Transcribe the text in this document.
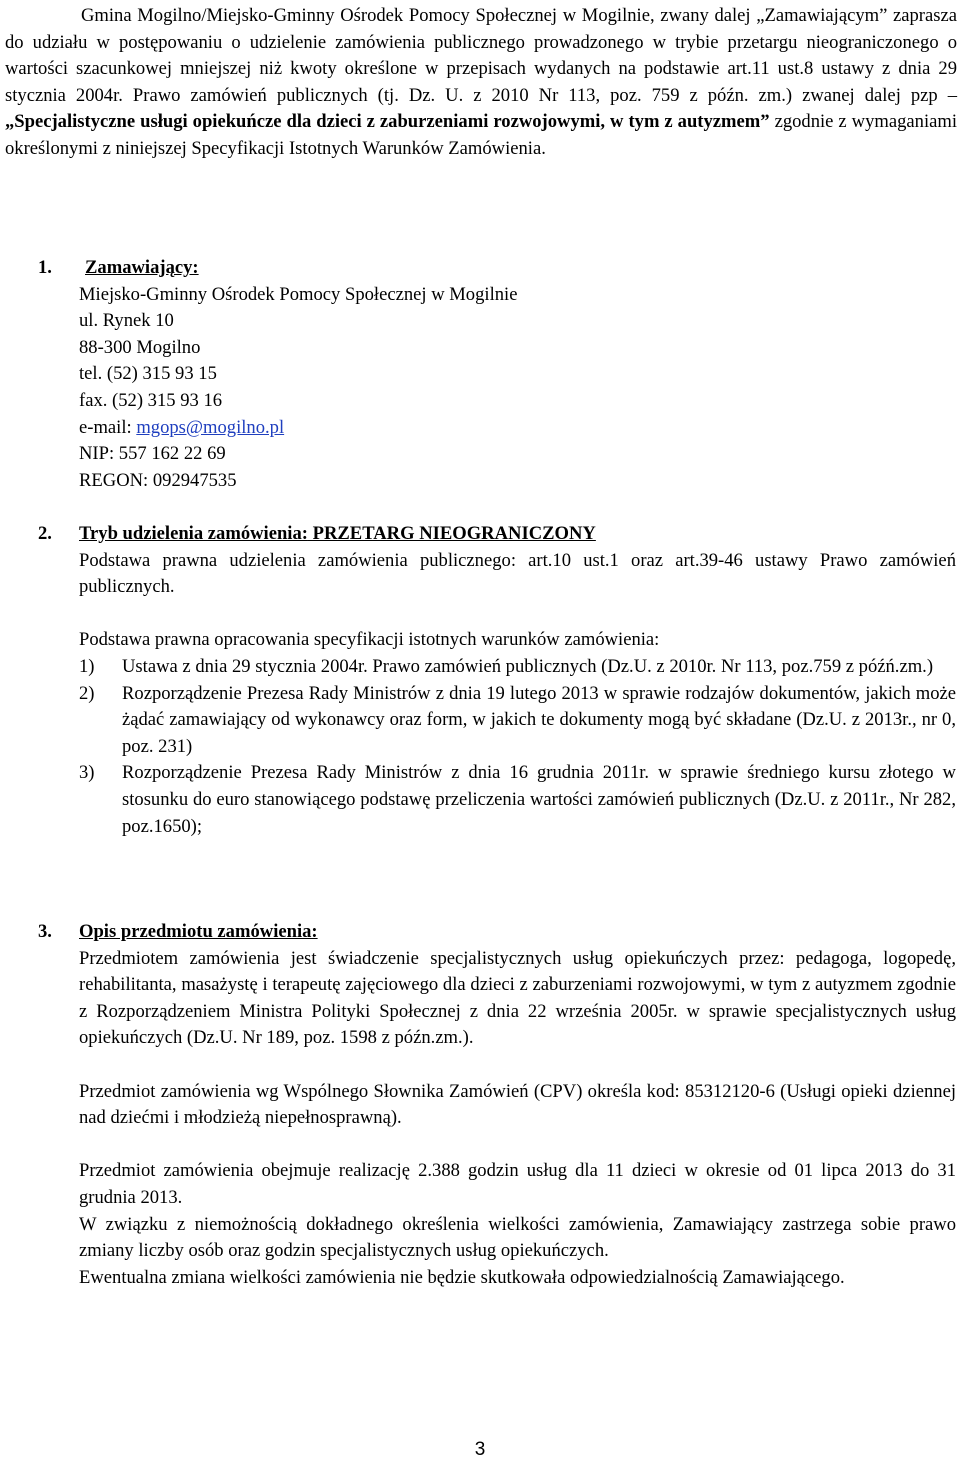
Gmina Mogilno/Miejsko-Gminny Ośrodek Pomocy Społecznej w Mogilnie, zwany dalej „Zamawiającym” zaprasza do udziału w postępowaniu o udzielenie zamówienia publicznego prowadzonego w trybie przetargu nieograniczonego o wartości szacunkowej mniejszej niż kwoty określone w przepisach wydanych na podstawie art.11 ust.8 ustawy z dnia 29 stycznia 2004r. Prawo zamówień publicznych (tj. Dz. U. z 2010 Nr 113, poz. 759 z późn. zm.) zwanej dalej pzp – „Specjalistyczne usługi opiekuńcze dla dzieci z zaburzeniami rozwojowymi, w tym z autyzmem” zgodnie z wymaganiami określonymi z niniejszej Specyfikacji Istotnych Warunków Zamówienia.
1. Zamawiający:
Miejsko-Gminny Ośrodek Pomocy Społecznej w Mogilnie
ul. Rynek 10
88-300 Mogilno
tel. (52) 315 93 15
fax. (52) 315 93 16
e-mail: mgops@mogilno.pl
NIP: 557 162 22 69
REGON: 092947535
2. Tryb udzielenia zamówienia: PRZETARG NIEOGRANICZONY
Podstawa prawna udzielenia zamówienia publicznego: art.10 ust.1 oraz art.39-46 ustawy Prawo zamówień publicznych.
Podstawa prawna opracowania specyfikacji istotnych warunków zamówienia:
1) Ustawa z dnia 29 stycznia 2004r. Prawo zamówień publicznych (Dz.U. z 2010r. Nr 113, poz.759 z późń.zm.)
2) Rozporządzenie Prezesa Rady Ministrów z dnia 19 lutego 2013 w sprawie rodzajów dokumentów, jakich może żądać zamawiający od wykonawcy oraz form, w jakich te dokumenty mogą być składane (Dz.U. z 2013r., nr 0, poz. 231)
3) Rozporządzenie Prezesa Rady Ministrów z dnia 16 grudnia 2011r. w sprawie średniego kursu złotego w stosunku do euro stanowiącego podstawę przeliczenia wartości zamówień publicznych (Dz.U. z 2011r., Nr 282, poz.1650);
3. Opis przedmiotu zamówienia:
Przedmiotem zamówienia jest świadczenie specjalistycznych usług opiekuńczych przez: pedagoga, logopedę, rehabilitanta, masażystę i terapeutę zajęciowego dla dzieci z zaburzeniami rozwojowymi, w tym z autyzmem zgodnie z Rozporządzeniem Ministra Polityki Społecznej z dnia 22 września 2005r. w sprawie specjalistycznych usług opiekuńczych (Dz.U. Nr 189, poz. 1598 z późn.zm.).
Przedmiot zamówienia wg Wspólnego Słownika Zamówień (CPV) określa kod: 85312120-6 (Usługi opieki dziennej nad dziećmi i młodzieżą niepełnosprawną).
Przedmiot zamówienia obejmuje realizację 2.388 godzin usług dla 11 dzieci w okresie od 01 lipca 2013 do 31 grudnia 2013.
W związku z niemożnością dokładnego określenia wielkości zamówienia, Zamawiający zastrzega sobie prawo zmiany liczby osób oraz godzin specjalistycznych usług opiekuńczych.
Ewentualna zmiana wielkości zamówienia nie będzie skutkowała odpowiedzialnością Zamawiającego.
3
